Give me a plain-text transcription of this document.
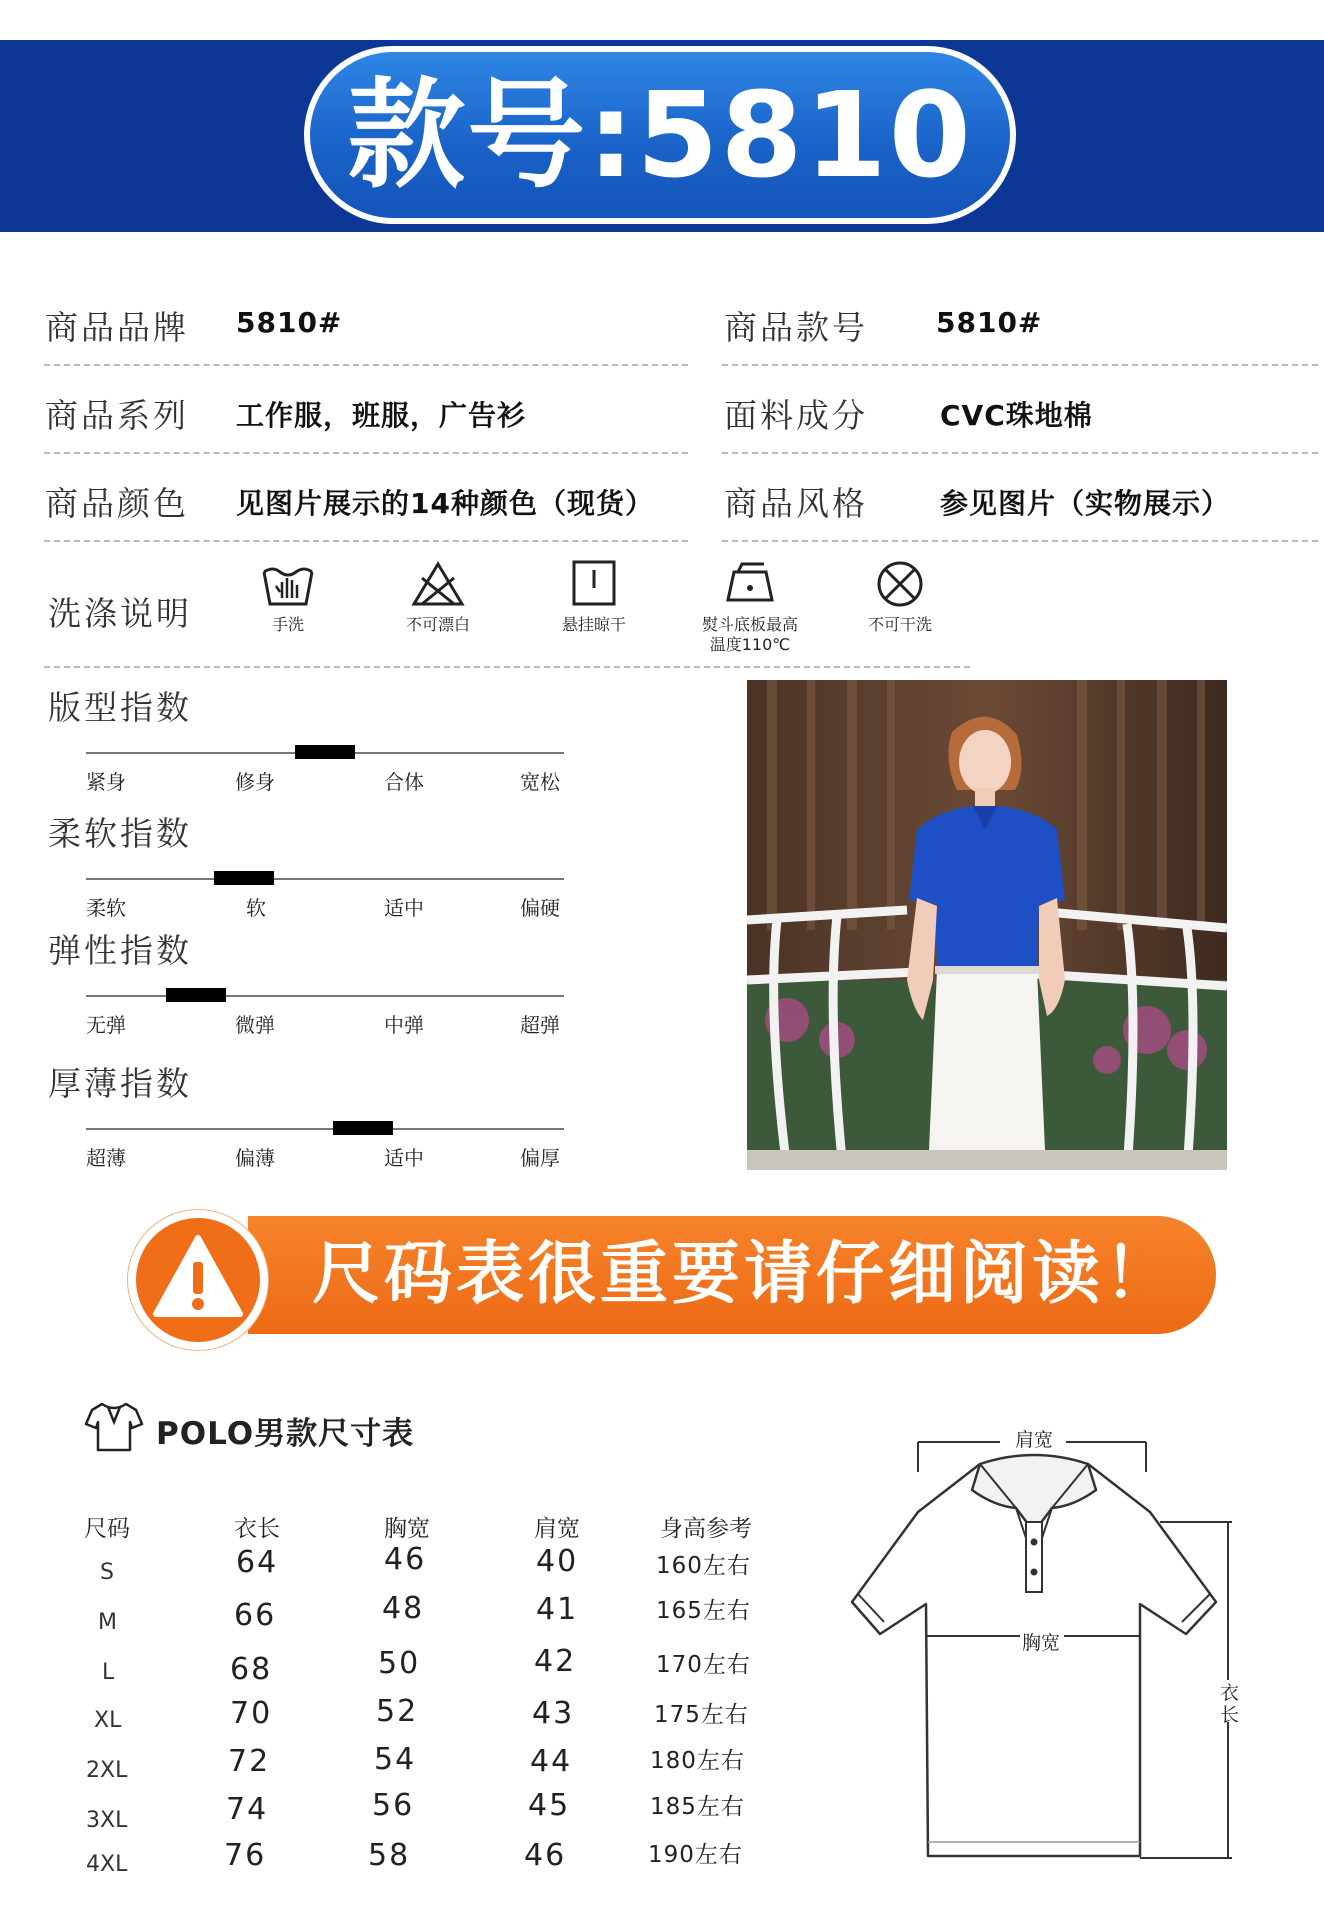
款号:5810
商品品牌 5810#	商品款号 5810#
商品系列 工作服，班服，广告衫	面料成分	CVC珠地棉
商品颜色 见图片展示的14种颜色（现货） 商品风格	参见图片（实物展示）
洗涤说明	手洗	不可漂白	悬挂晾干	熨斗底板最高
温度110℃
不可干洗
版型指数
紧身	修身	合体	宽松
柔软指数
柔软	软	适中	偏硬
弹性指数
无弹	微弹	中弹	超弹
厚薄指数
超薄	偏薄	适中	偏厚
尺码表很重要请仔细阅读！
POLO男款尺寸表
尺码	衣长	胸宽	肩宽	身高参考
S	64	46	40	160左右
M	66	48	41	165左右
L	68	50	42	170左右
XL	70	52	43	175左右
2XL	72	54	44	180左右
3XL	74	56	45	185左右
4XL	76	58	46	190左右
肩宽
胸宽
衣长
